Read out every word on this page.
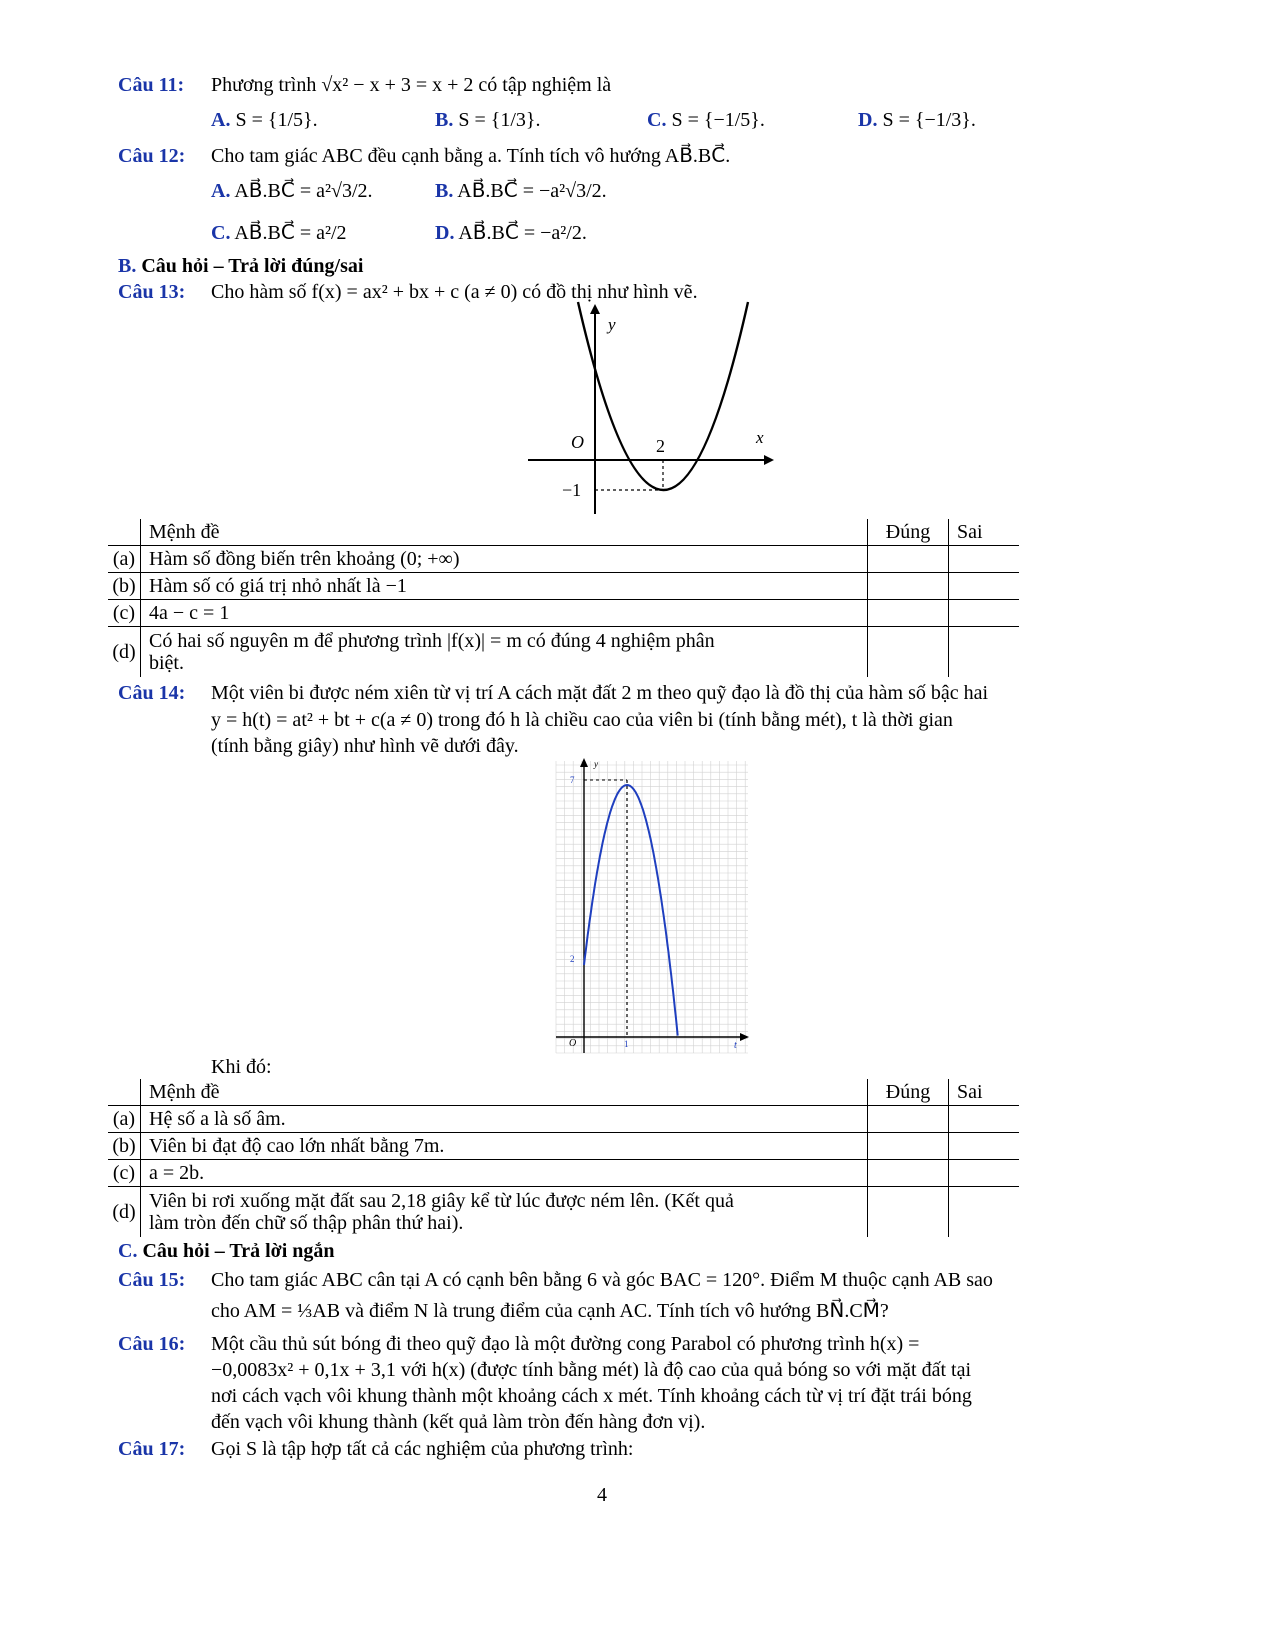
Câu 11: Phương trình √x² − x + 3 = x + 2 có tập nghiệm là
A. S = {1/5}.	B. S = {1/3}.	C. S = {−1/5}.	D. S = {−1/3}.
Câu 12: Cho tam giác ABC đều cạnh bằng a. Tính tích vô hướng AB⃗.BC⃗.
A. AB⃗.BC⃗ = a²√3/2.	B. AB⃗.BC⃗ = −a²√3/2.
C. AB⃗.BC⃗ = a²/2	D. AB⃗.BC⃗ = −a²/2.
B. Câu hỏi – Trả lời đúng/sai
Câu 13: Cho hàm số f(x) = ax² + bx + c (a ≠ 0) có đồ thị như hình vẽ.
y
x
O	2
−1
	Mệnh đề	Đúng	Sai
(a)	Hàm số đồng biến trên khoảng (0; +∞)		
(b)	Hàm số có giá trị nhỏ nhất là −1		
(c)	4a − c = 1		
(d)	Có hai số nguyên m để phương trình |f(x)| = m có đúng 4 nghiệm phân
biệt.		

Câu 14: Một viên bi được ném xiên từ vị trí A cách mặt đất 2 m theo quỹ đạo là đồ thị của hàm số bậc hai
y = h(t) = at² + bt + c(a ≠ 0) trong đó h là chiều cao của viên bi (tính bằng mét), t là thời gian
(tính bằng giây) như hình vẽ dưới đây.
y
t
O	1
7
2
Khi đó:
	Mệnh đề	Đúng	Sai
(a)	Hệ số a là số âm.		
(b)	Viên bi đạt độ cao lớn nhất bằng 7m.		
(c)	a = 2b.		
(d)	Viên bi rơi xuống mặt đất sau 2,18 giây kể từ lúc được ném lên. (Kết quả
làm tròn đến chữ số thập phân thứ hai).		

C. Câu hỏi – Trả lời ngắn
Câu 15: Cho tam giác ABC cân tại A có cạnh bên bằng 6 và góc BAC = 120°. Điểm M thuộc cạnh AB sao
cho AM = ⅓AB và điểm N là trung điểm của cạnh AC. Tính tích vô hướng BN⃗.CM⃗?
Câu 16: Một cầu thủ sút bóng đi theo quỹ đạo là một đường cong Parabol có phương trình h(x) =
−0,0083x² + 0,1x + 3,1 với h(x) (được tính bằng mét) là độ cao của quả bóng so với mặt đất tại
nơi cách vạch vôi khung thành một khoảng cách x mét. Tính khoảng cách từ vị trí đặt trái bóng
đến vạch vôi khung thành (kết quả làm tròn đến hàng đơn vị).
Câu 17: Gọi S là tập hợp tất cả các nghiệm của phương trình:
4
